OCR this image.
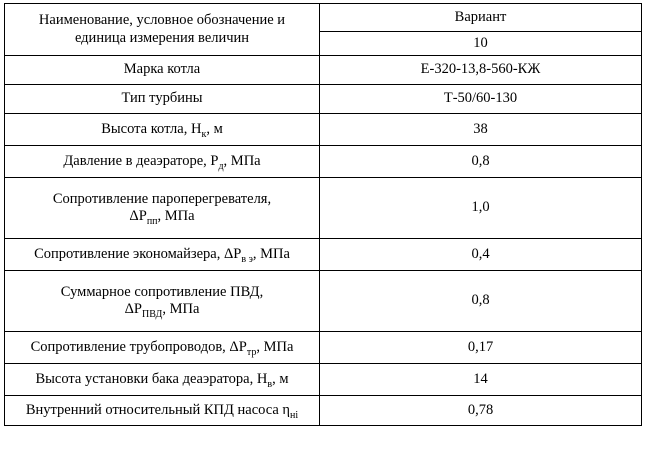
Наименование, условное обозначение и
единица измерения величин	Вариант
	10
Марка котла	Е-320-13,8-560-КЖ
Тип турбины	Т-50/60-130
Высота котла, $Н_к$, м	38
Давление в деаэраторе, $Р_д$, МПа	0,8

Сопротивление пароперегревателя,
$\Delta Р_{пп}$, МПа	1,0
Сопротивление экономайзера, $\Delta Р_{в э}$, МПа	0,4

Суммарное сопротивление ПВД,
$\Delta Р_{ПВД}$, МПа	0,8
Сопротивление трубопроводов, $\Delta Р_{тр}$, МПа	0,17
Высота установки бака деаэратора, $Н_в$, м	14
Внутренний относительный КПД насоса $\eta_{нi}$	0,78
